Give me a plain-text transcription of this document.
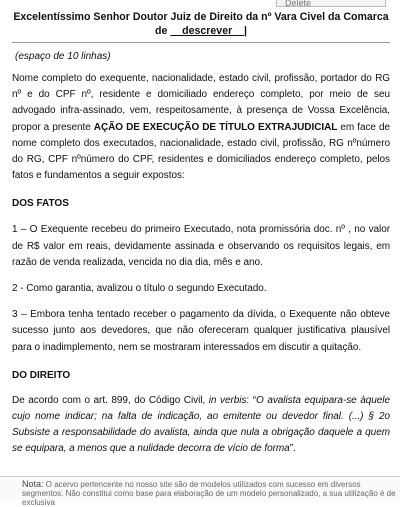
Delete

Excelentíssimo Senhor Doutor Juiz de Direito da nº Vara Civel da Comarca de __descrever__|

(espaço de 10 linhas)

Nome completo do exequente, nacionalidade, estado civil, profissão, portador do RG nº e do CPF nº, residente e domiciliado endereço completo, por meio de seu advogado infra-assinado, vem, respeitosamente, à presença de Vossa Excelência, propor a presente AÇÃO DE EXECUÇÃO DE TÍTULO EXTRAJUDICIAL em face de nome completo dos executados, nacionalidade, estado civil, profissão, RG nºnúmero do RG, CPF nºnúmero do CPF, residentes e domiciliados endereço completo, pelos fatos e fundamentos a seguir expostos:

DOS FATOS

1 – O Exequente recebeu do primeiro Executado, nota promissória doc. nº , no valor de R$ valor em reais, devidamente assinada e observando os requisitos legais, em razão de venda realizada, vencida no dia dia, mês e ano.

2 - Como garantia, avalizou o título o segundo Executado.

3 – Embora tenha tentado receber o pagamento da dívida, o Exequente não obteve sucesso junto aos devedores, que não ofereceram qualquer justificativa plausível para o inadimplemento, nem se mostraram interessados em discutir a quitação.

DO DIREITO

De acordo com o art. 899, do Código Civil, in verbis: “O avalista equipara-se àquele cujo nome indicar; na falta de indicação, ao emitente ou devedor final. (...) § 2o Subsiste a responsabilidade do avalista, ainda que nula a obrigação daquele a quem se equipara, a menos que a nulidade decorra de vício de forma”.

Nota: O acervo pertencente no nosso site são de modelos utilizados com sucesso em diversos segmentos. Não constitui como base para elaboração de um modelo personalizado, a sua utilização é de exclusiva
